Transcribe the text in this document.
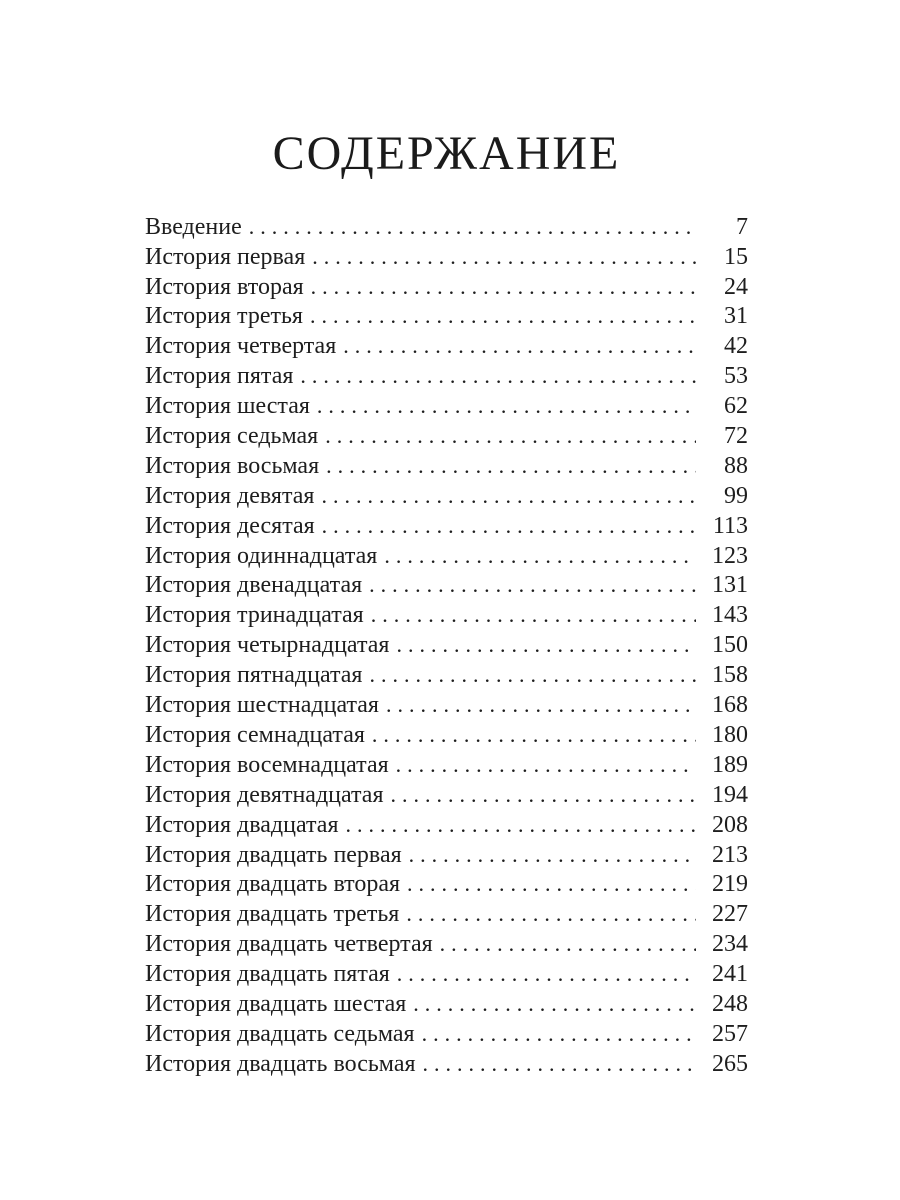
СОДЕРЖАНИЕ
Введение .....	7
История первая .....	15
История вторая .....	24
История третья .....	31
История четвертая .....	42
История пятая .....	53
История шестая .....	62
История седьмая .....	72
История восьмая .....	88
История девятая .....	99
История десятая .....	113
История одиннадцатая .....	123
История двенадцатая .....	131
История тринадцатая .....	143
История четырнадцатая .....	150
История пятнадцатая .....	158
История шестнадцатая .....	168
История семнадцатая .....	180
История восемнадцатая .....	189
История девятнадцатая .....	194
История двадцатая .....	208
История двадцать первая .....	213
История двадцать вторая .....	219
История двадцать третья .....	227
История двадцать четвертая .....	234
История двадцать пятая .....	241
История двадцать шестая .....	248
История двадцать седьмая .....	257
История двадцать восьмая .....	265
